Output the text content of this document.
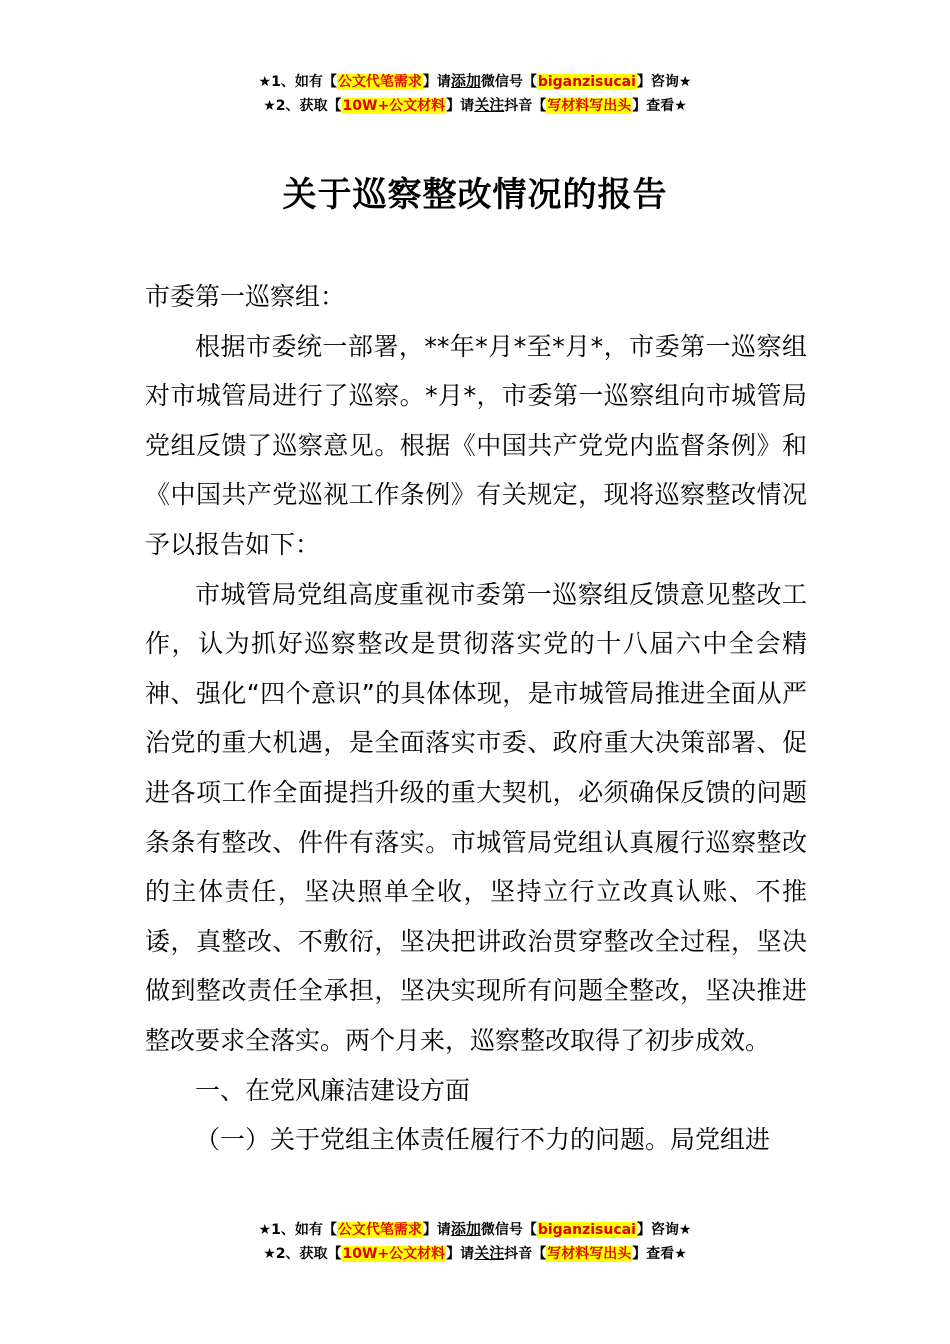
★1、如有【公文代笔需求】请添加微信号【biganzisucai】咨询★
★2、获取【10W+公文材料】请关注抖音【写材料写出头】查看★
关于巡察整改情况的报告

市委第一巡察组：

根据市委统一部署，**年*月*至*月*，市委第一巡察组对市城管局进行了巡察。*月*，市委第一巡察组向市城管局党组反馈了巡察意见。根据《中国共产党党内监督条例》和《中国共产党巡视工作条例》有关规定，现将巡察整改情况予以报告如下：

市城管局党组高度重视市委第一巡察组反馈意见整改工作，认为抓好巡察整改是贯彻落实党的十八届六中全会精神、强化“四个意识”的具体体现，是市城管局推进全面从严治党的重大机遇，是全面落实市委、政府重大决策部署、促进各项工作全面提挡升级的重大契机，必须确保反馈的问题条条有整改、件件有落实。市城管局党组认真履行巡察整改的主体责任，坚决照单全收，坚持立行立改真认账、不推诿，真整改、不敷衍，坚决把讲政治贯穿整改全过程，坚决做到整改责任全承担，坚决实现所有问题全整改，坚决推进整改要求全落实。两个月来，巡察整改取得了初步成效。

一、在党风廉洁建设方面

（一）关于党组主体责任履行不力的问题。局党组进

★1、如有【公文代笔需求】请添加微信号【biganzisucai】咨询★
★2、获取【10W+公文材料】请关注抖音【写材料写出头】查看★
